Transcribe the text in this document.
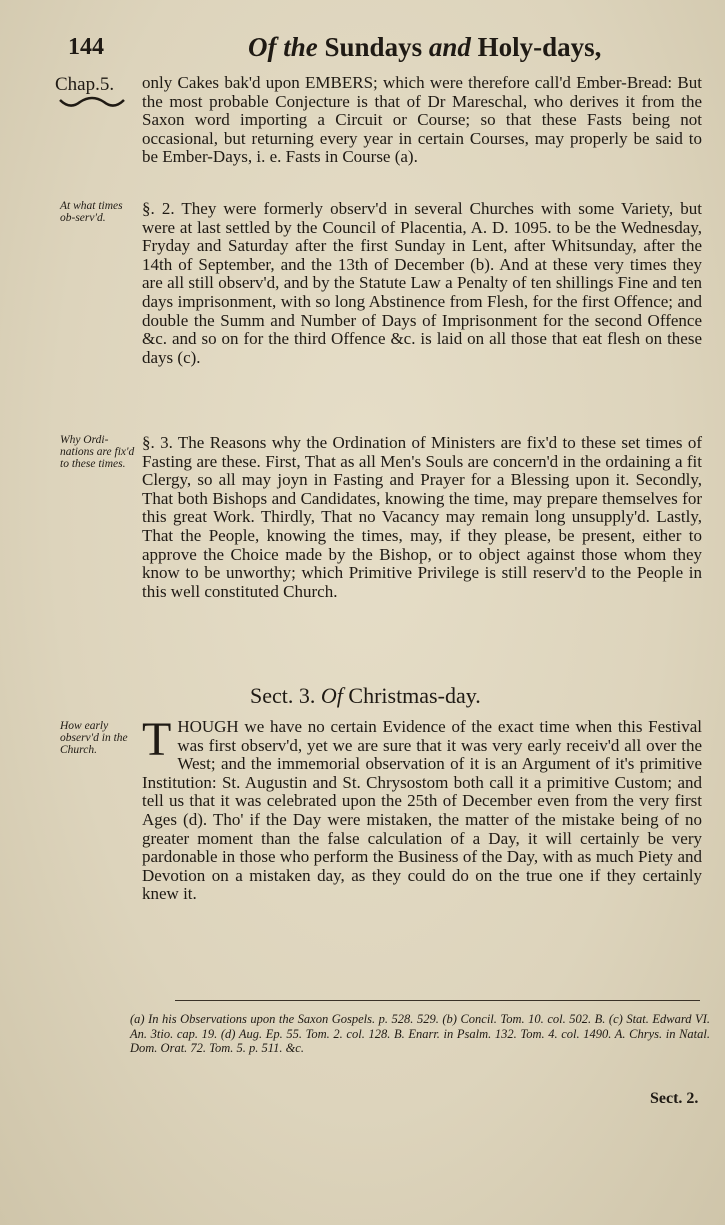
144	Of the Sundays and Holy-days,
Chap.5.
At what times ob-serv'd.
Why Ordi-nations are fix'd to these times.
How early observ'd in the Church.

only Cakes bak'd upon EMBERS; which were therefore call'd Ember-Bread: But the most probable Conjecture is that of Dr Mareschal, who derives it from the Saxon word importing a Circuit or Course; so that these Fasts being not occasional, but returning every year in certain Courses, may properly be said to be Ember-Days, i. e. Fasts in Course (a).

§. 2. They were formerly observ'd in several Churches with some Variety, but were at last settled by the Council of Placentia, A. D. 1095. to be the Wednesday, Fryday and Saturday after the first Sunday in Lent, after Whitsunday, after the 14th of September, and the 13th of December (b). And at these very times they are all still observ'd, and by the Statute Law a Penalty of ten shillings Fine and ten days imprisonment, with so long Abstinence from Flesh, for the first Offence; and double the Summ and Number of Days of Imprisonment for the second Offence &c. and so on for the third Offence &c. is laid on all those that eat flesh on these days (c).

§. 3. The Reasons why the Ordination of Ministers are fix'd to these set times of Fasting are these. First, That as all Men's Souls are concern'd in the ordaining a fit Clergy, so all may joyn in Fasting and Prayer for a Blessing upon it. Secondly, That both Bishops and Candidates, knowing the time, may prepare themselves for this great Work. Thirdly, That no Vacancy may remain long unsupply'd. Lastly, That the People, knowing the times, may, if they please, be present, either to approve the Choice made by the Bishop, or to object against those whom they know to be unworthy; which Primitive Privilege is still reserv'd to the People in this well constituted Church.

Sect. 3. Of Christmas-day.
T HOUGH we have no certain Evidence of the exact time when this Festival was first observ'd, yet we are sure that it was very early receiv'd all over the West; and the immemorial observation of it is an Argument of it's primitive Institution: St. Augustin and St. Chrysostom both call it a primitive Custom; and tell us that it was celebrated upon the 25th of December even from the very first Ages (d). Tho' if the Day were mistaken, the matter of the mistake being of no greater moment than the false calculation of a Day, it will certainly be very pardonable in those who perform the Business of the Day, with as much Piety and Devotion on a mistaken day, as they could do on the true one if they certainly knew it.

(a) In his Observations upon the Saxon Gospels. p. 528. 529. (b) Concil. Tom. 10. col. 502. B. (c) Stat. Edward VI. An. 3tio. cap. 19. (d) Aug. Ep. 55. Tom. 2. col. 128. B. Enarr. in Psalm. 132. Tom. 4. col. 1490. A. Chrys. in Natal. Dom. Orat. 72. Tom. 5. p. 511. &c.
Sect. 2.
